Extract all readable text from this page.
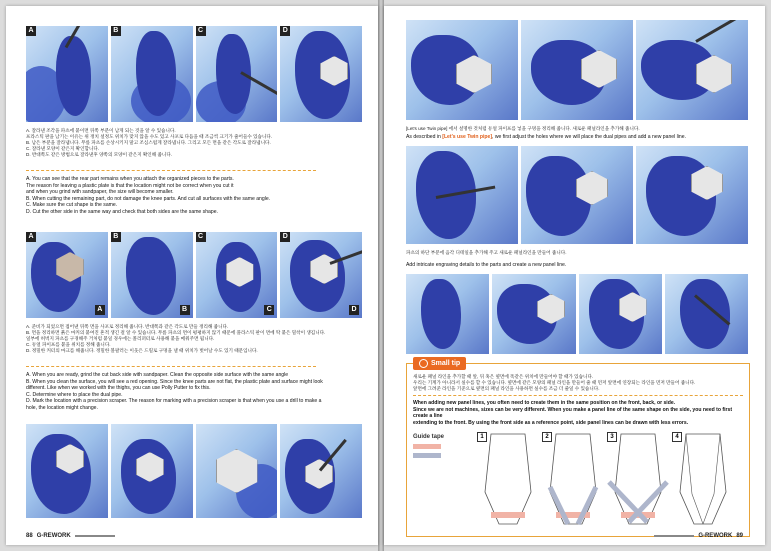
A	B	C	D

A. 잘라낸 조각을 파츠에 붙이면 뒤쪽 부분이 남게 되는 것을 알 수 있습니다.

프라스틱 판을 남기는 이유는 위 정치 설정도 위치가 맞지 않을 수도 있고 사포로 다듬을 때 조금씩 크기가 줄어들수 있습니다.

B. 남은 부분을 잘라냅니다. 무릎 파츠를 손상시키지 말고 조심스럽게 잘라냅니다. 그리고 모든 면을 같은 각도로 잘라냅니다.

C. 잘라낸 모양이 같은지 확인합니다.

D. 반대쪽도 같은 방법으로 잘라낸후 양쪽의 모양이 같은지 확인해 줍니다.

A. You can see that the rear part remains when you attach the organized pieces to the parts.

The reason for leaving a plastic plate is that the location might not be correct when you cut it

and when you grind with sandpaper, the size will become smaller.

B. When cutting the remaining part, do not damage the knee parts. And cut all surfaces with the same angle.

C. Make sure the cut shape is the same.

D. Cut the other side in the same way and check that both sides are the same shape.

A
A
B
B
C
C
D
D

A. 준비가 되었으면 접어낸 뒤쪽 면을 사포로 정리해 줍니다. 반대쪽과 같은 각도로 만들 정리해 줍니다.

B. 면을 정리하면 붉은 마커의 붙여진 흔적 생긴 걸 알 수 있습니다. 무릎 파츠의 면이 평평하지 않기 때문에 플라스틱 판이 면에 딱 붙은 밀착이 생깁니다.

일부에 허벅지 파츠를 구경해주 거처럼 붙일 경우에는 폴리퍼터로 사용해 붙을 메워주면 됩니다.

C. 듀얼 파이프를 붙을 위치를 정해 줍니다.

D. 정밀한 커터의 마크를 해줍니다. 정밀한 볼팔러는 이웃은 드릴로 구멍을 낼 때 위치가 벗어날 수도 있기 때문입니다.

A. When you are ready, grind the cut back side with sandpaper. Clean the opposite side surface with the same angle

B. When you clean the surface, you will see a red opening. Since the knee parts are not flat, the plastic plate and surface might look

different. Like when we worked with the thighs, you can use Polly Putter to fix this.

C. Determine where to place the dual pipe.

D. Mark the location with a precision scraper. The reason for marking with a precision scraper is that when you use a drill to make a

hole, the location might change.

88 G-REWORK

[Let's use Twin pipe] 에서 설명한 것처럼 듀얼 파이프를 넣을 구멍을 정리해 줍니다. 새로운 패널라인을 추가해 줍니다.

As described in [Let's use Twin pipe], we first adjust the holes where we will place the dual pipes and add a new panel line.

파츠의 하단 부분에 음각 디테일을 추가해 주고 새로운 패널라인을 만들어 줍니다.

Add intricate engraving details to the parts and create a new panel line.

Small tip

새로운 패널 라인을 추가할 때 앞, 뒤 혹은 옆면에 똑같은 위치에 만들어야 할 때가 있습니다.

우리는 기계가 아니라서 실수를 할 수 있습니다. 옆면에 같은 모양의 패널 라인을 만들어 줄 때 먼저 앞면에 연장되는 라인을 먼저 만들어 줍니다.

앞면에 그려준 라인을 기준으로 옆면의 패널 라인을 사용하면 실수를 조금 더 줄일 수 있습니다.

When adding new panel lines, you often need to create them in the same position on the front, back, or side.

Since we are not machines, sizes can be very different. When you make a panel line of the same shape on the side, you need to first create a line

extending to the front. By using the front side as a reference point, side panel lines can be drawn with less errors.

Guide tape	1	2	3	4
G-REWORK 89
